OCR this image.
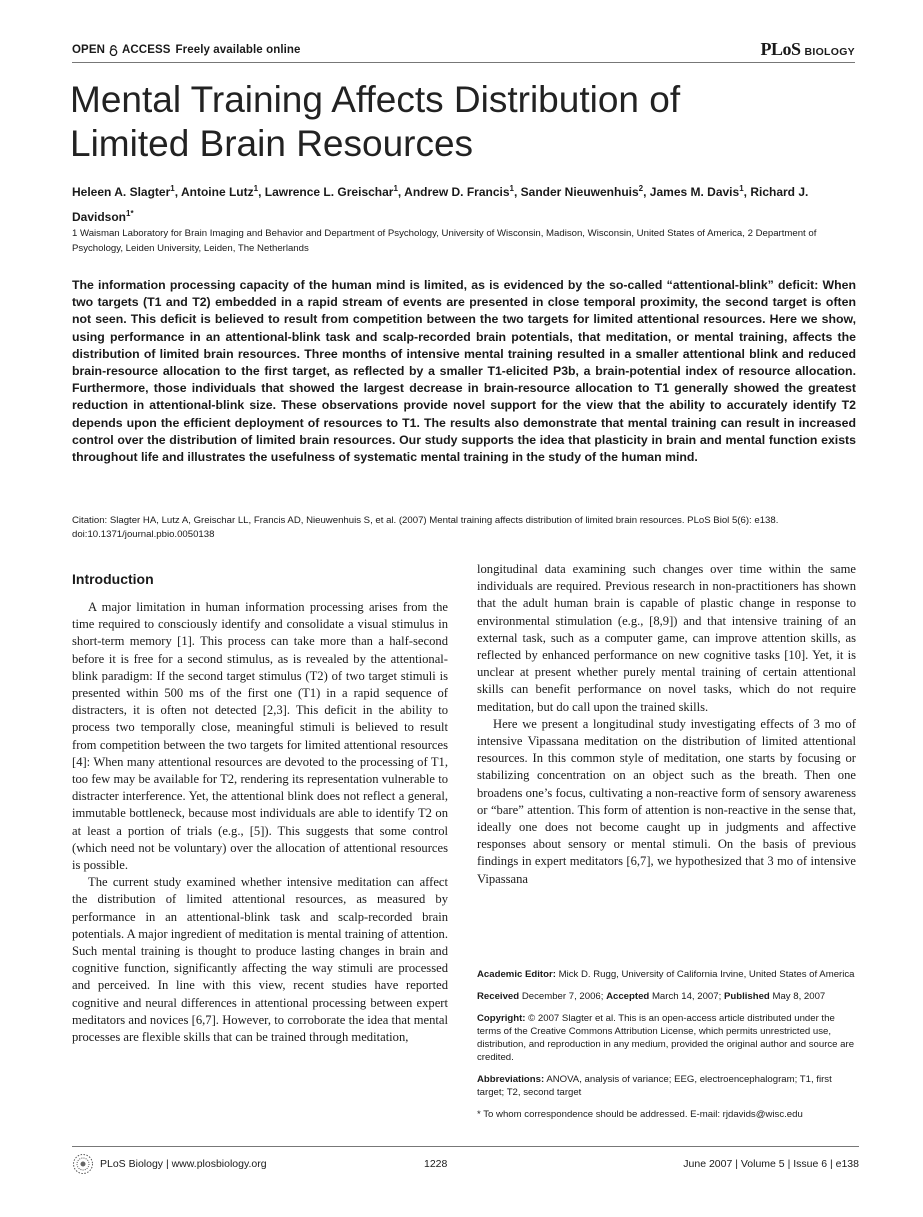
OPEN ACCESS Freely available online	PLoS BIOLOGY
Mental Training Affects Distribution of Limited Brain Resources
Heleen A. Slagter$^1$, Antoine Lutz$^1$, Lawrence L. Greischar$^1$, Andrew D. Francis$^1$, Sander Nieuwenhuis$^2$, James M. Davis$^1$, Richard J. Davidson$^{1*}$
1 Waisman Laboratory for Brain Imaging and Behavior and Department of Psychology, University of Wisconsin, Madison, Wisconsin, United States of America, 2 Department of Psychology, Leiden University, Leiden, The Netherlands

The information processing capacity of the human mind is limited, as is evidenced by the so-called “attentional-blink” deficit: When two targets (T1 and T2) embedded in a rapid stream of events are presented in close temporal proximity, the second target is often not seen. This deficit is believed to result from competition between the two targets for limited attentional resources. Here we show, using performance in an attentional-blink task and scalp-recorded brain potentials, that meditation, or mental training, affects the distribution of limited brain resources. Three months of intensive mental training resulted in a smaller attentional blink and reduced brain-resource allocation to the first target, as reflected by a smaller T1-elicited P3b, a brain-potential index of resource allocation. Furthermore, those individuals that showed the largest decrease in brain-resource allocation to T1 generally showed the greatest reduction in attentional-blink size. These observations provide novel support for the view that the ability to accurately identify T2 depends upon the efficient deployment of resources to T1. The results also demonstrate that mental training can result in increased control over the distribution of limited brain resources. Our study supports the idea that plasticity in brain and mental function exists throughout life and illustrates the usefulness of systematic mental training in the study of the human mind.

Citation: Slagter HA, Lutz A, Greischar LL, Francis AD, Nieuwenhuis S, et al. (2007) Mental training affects distribution of limited brain resources. PLoS Biol 5(6): e138. doi:10.1371/journal.pbio.0050138
Introduction

A major limitation in human information processing arises from the time required to consciously identify and consolidate a visual stimulus in short-term memory [1]. This process can take more than a half-second before it is free for a second stimulus, as is revealed by the attentional-blink paradigm: If the second target stimulus (T2) of two target stimuli is presented within 500 ms of the first one (T1) in a rapid sequence of distracters, it is often not detected [2,3]. This deficit in the ability to process two temporally close, meaningful stimuli is believed to result from competition between the two targets for limited attentional resources [4]: When many attentional resources are devoted to the processing of T1, too few may be available for T2, rendering its representation vulnerable to distracter interference. Yet, the attentional blink does not reflect a general, immutable bottleneck, because most individuals are able to identify T2 on at least a portion of trials (e.g., [5]). This suggests that some control (which need not be voluntary) over the allocation of attentional resources is possible.

The current study examined whether intensive meditation can affect the distribution of limited attentional resources, as measured by performance in an attentional-blink task and scalp-recorded brain potentials. A major ingredient of meditation is mental training of attention. Such mental training is thought to produce lasting changes in brain and cognitive function, significantly affecting the way stimuli are processed and perceived. In line with this view, recent studies have reported cognitive and neural differences in attentional processing between expert meditators and novices [6,7]. However, to corroborate the idea that mental processes are flexible skills that can be trained through meditation,

longitudinal data examining such changes over time within the same individuals are required. Previous research in non-practitioners has shown that the adult human brain is capable of plastic change in response to environmental stimulation (e.g., [8,9]) and that intensive training of an external task, such as a computer game, can improve attention skills, as reflected by enhanced performance on new cognitive tasks [10]. Yet, it is unclear at present whether purely mental training of certain attentional skills can benefit performance on novel tasks, which do not require meditation, but do call upon the trained skills.

Here we present a longitudinal study investigating effects of 3 mo of intensive Vipassana meditation on the distribution of limited attentional resources. In this common style of meditation, one starts by focusing or stabilizing concentration on an object such as the breath. Then one broadens one’s focus, cultivating a non-reactive form of sensory awareness or “bare” attention. This form of attention is non-reactive in the sense that, ideally one does not become caught up in judgments and affective responses about sensory or mental stimuli. On the basis of previous findings in expert meditators [6,7], we hypothesized that 3 mo of intensive Vipassana

Academic Editor: Mick D. Rugg, University of California Irvine, United States of America

Received December 7, 2006; Accepted March 14, 2007; Published May 8, 2007

Copyright: © 2007 Slagter et al. This is an open-access article distributed under the terms of the Creative Commons Attribution License, which permits unrestricted use, distribution, and reproduction in any medium, provided the original author and source are credited.

Abbreviations: ANOVA, analysis of variance; EEG, electroencephalogram; T1, first target; T2, second target

* To whom correspondence should be addressed. E-mail: rjdavids@wisc.edu

PLoS Biology | www.plosbiology.org	1228	June 2007 | Volume 5 | Issue 6 | e138
